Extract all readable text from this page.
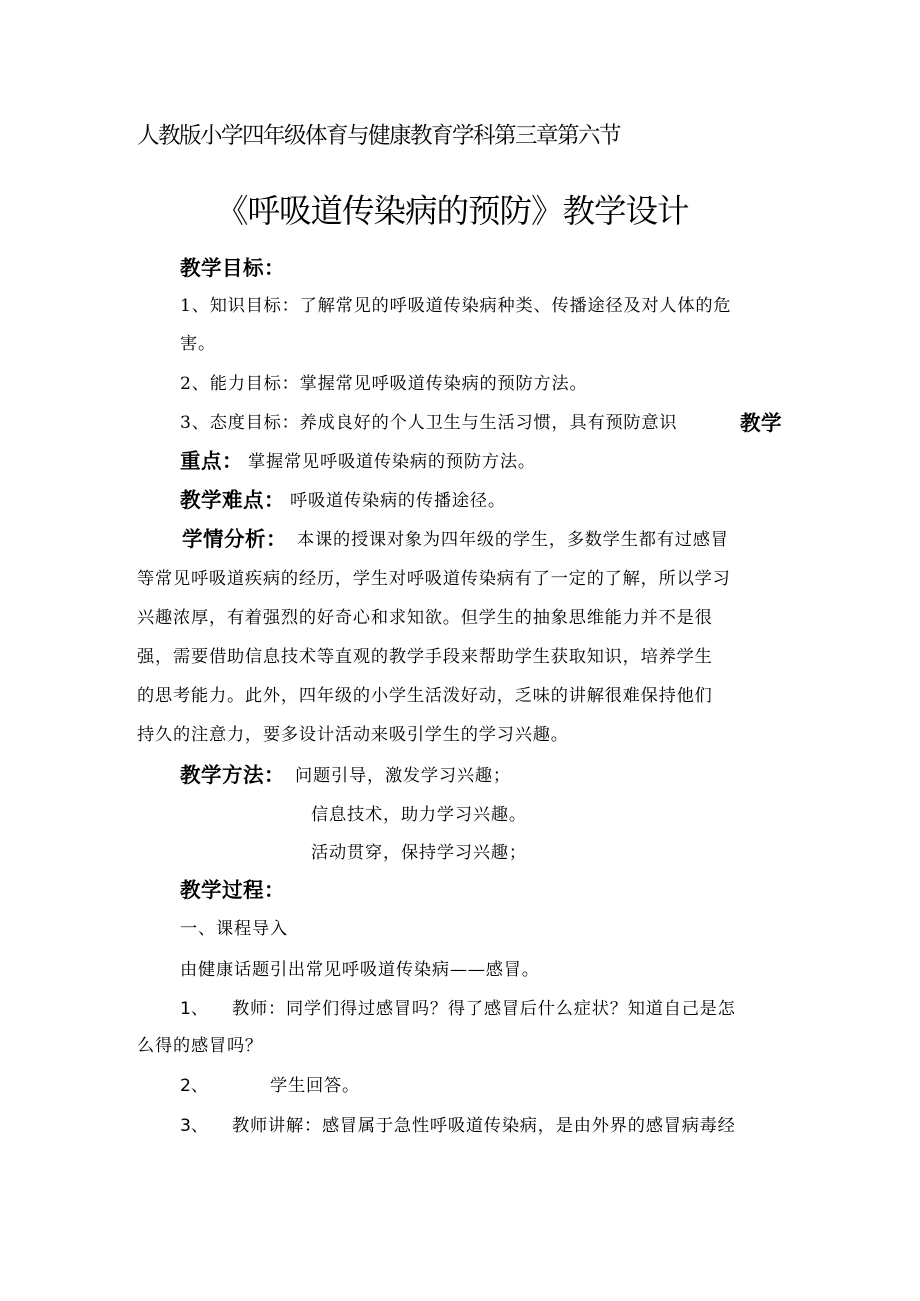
人教版小学四年级体育与健康教育学科第三章第六节
《呼吸道传染病的预防》教学设计
教学目标：
1、知识目标：了解常见的呼吸道传染病种类、传播途径及对人体的危
害。
2、能力目标：掌握常见呼吸道传染病的预防方法。
3、态度目标：养成良好的个人卫生与生活习惯，具有预防意识	教学
重点： 掌握常见呼吸道传染病的预防方法。
教学难点： 呼吸道传染病的传播途径。
学情分析： 本课的授课对象为四年级的学生，多数学生都有过感冒
等常见呼吸道疾病的经历，学生对呼吸道传染病有了一定的了解，所以学习
兴趣浓厚，有着强烈的好奇心和求知欲。但学生的抽象思维能力并不是很
强，需要借助信息技术等直观的教学手段来帮助学生获取知识，培养学生
的思考能力。此外，四年级的小学生活泼好动，乏味的讲解很难保持他们
持久的注意力，要多设计活动来吸引学生的学习兴趣。
教学方法： 问题引导，激发学习兴趣；
信息技术，助力学习兴趣。
活动贯穿，保持学习兴趣；
教学过程：
一、课程导入
由健康话题引出常见呼吸道传染病——感冒。
1、 教师：同学们得过感冒吗？得了感冒后什么症状？知道自己是怎
么得的感冒吗？
2、	学生回答。
3、 教师讲解：感冒属于急性呼吸道传染病，是由外界的感冒病毒经
